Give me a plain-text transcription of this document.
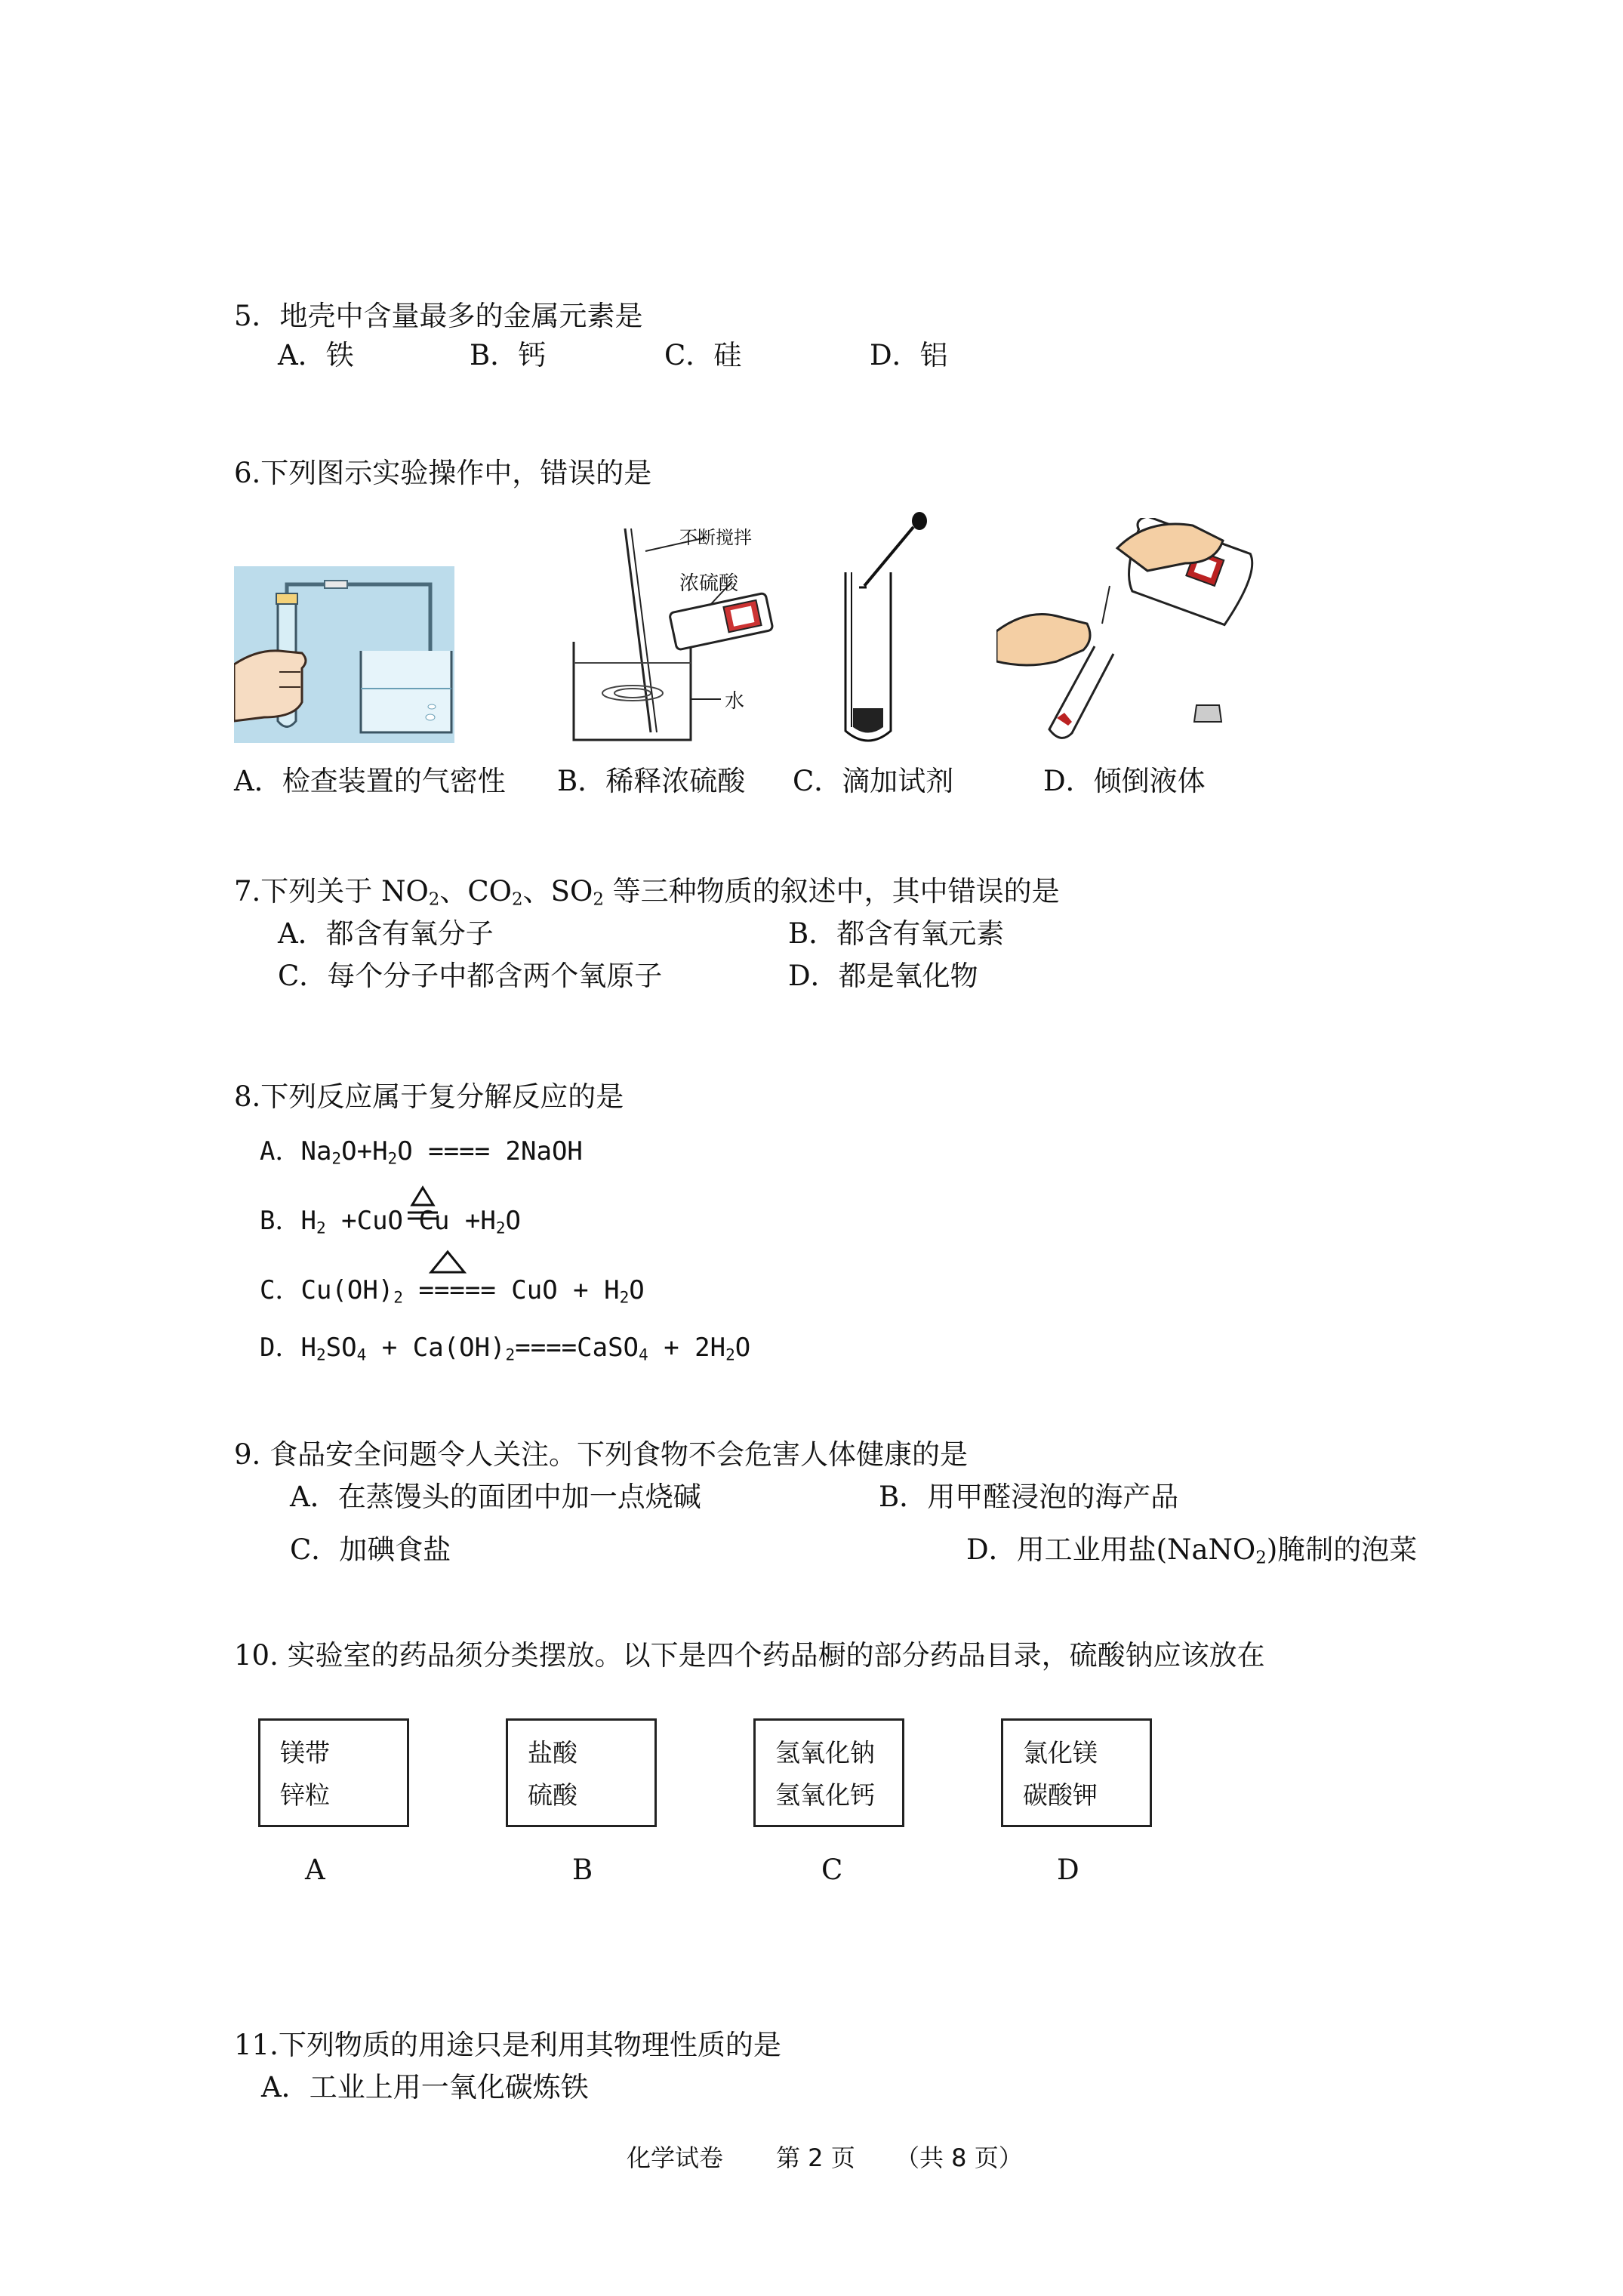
5．地壳中含量最多的金属元素是
A．铁	B．钙	C．硅	D．铝
6.下列图示实验操作中，错误的是
不断搅拌
浓硫酸
水
A．检查装置的气密性 B．稀释浓硫酸 C．滴加试剂	D．倾倒液体
7.下列关于 $NO_2$、$CO_2$、$SO_2$ 等三种物质的叙述中，其中错误的是
A．都含有氧分子	B．都含有氧元素
C．每个分子中都含两个氧原子	D．都是氧化物
8.下列反应属于复分解反应的是
A．$Na_2O+H_2O$ ==== 2NaOH
B．$H_2 +CuO$ $Cu +H_2O$
C．$Cu(OH)_2$ ===== CuO + $H_2O$
D．$H_2SO_4$ + $Ca(OH)_2====CaSO_4 + 2H_2O$
9. 食品安全问题令人关注。下列食物不会危害人体健康的是
A．在蒸馒头的面团中加一点烧碱	B．用甲醛浸泡的海产品
C．加碘食盐	D．用工业用盐(NaNO$_2$)腌制的泡菜
10. 实验室的药品须分类摆放。以下是四个药品橱的部分药品目录，硫酸钠应该放在
镁带
锌粒
盐酸
硫酸
氢氧化钠
氢氧化钙
氯化镁
碳酸钾
A	B	C	D
11.下列物质的用途只是利用其物理性质的是
A．工业上用一氧化碳炼铁
化学试卷 第 2 页 （共 8 页）
